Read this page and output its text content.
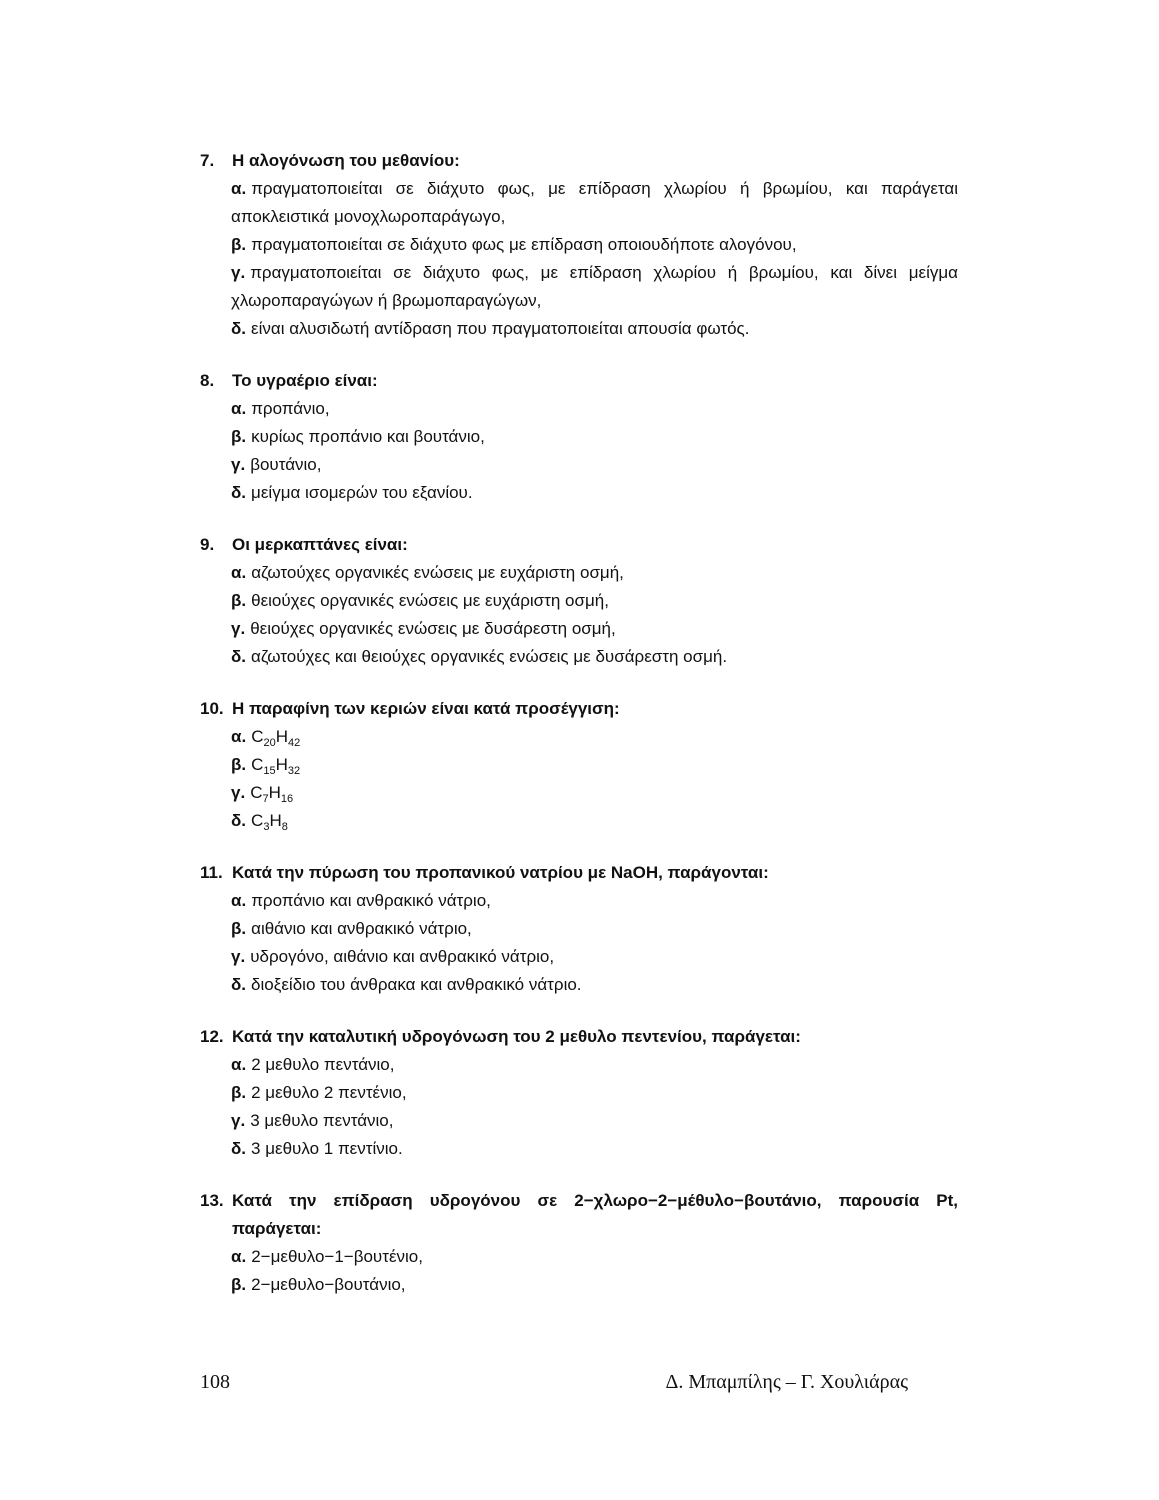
7.	Η αλογόνωση του μεθανίου:

α. πραγματοποιείται σε διάχυτο φως, με επίδραση χλωρίου ή βρωμίου, και παράγεται αποκλειστικά μονοχλωροπαράγωγο,

β. πραγματοποιείται σε διάχυτο φως με επίδραση οποιουδήποτε αλογόνου,

γ. πραγματοποιείται σε διάχυτο φως, με επίδραση χλωρίου ή βρωμίου, και δίνει μείγμα χλωροπαραγώγων ή βρωμοπαραγώγων,

δ. είναι αλυσιδωτή αντίδραση που πραγματοποιείται απουσία φωτός.

8.	Το υγραέριο είναι:

α. προπάνιο,

β. κυρίως προπάνιο και βουτάνιο,

γ. βουτάνιο,

δ. μείγμα ισομερών του εξανίου.

9.	Οι μερκαπτάνες είναι:

α. αζωτούχες οργανικές ενώσεις με ευχάριστη οσμή,

β. θειούχες οργανικές ενώσεις με ευχάριστη οσμή,

γ. θειούχες οργανικές ενώσεις με δυσάρεστη οσμή,

δ. αζωτούχες και θειούχες οργανικές ενώσεις με δυσάρεστη οσμή.

10. Η παραφίνη των κεριών είναι κατά προσέγγιση:

α. $C_{20}H_{42}$

β. $C_{15}H_{32}$

γ. $C_7H_{16}$

δ. $C_3H_8$

11. Κατά την πύρωση του προπανικού νατρίου με NaOH, παράγονται:

α. προπάνιο και ανθρακικό νάτριο,

β. αιθάνιο και ανθρακικό νάτριο,

γ. υδρογόνο, αιθάνιο και ανθρακικό νάτριο,

δ. διοξείδιο του άνθρακα και ανθρακικό νάτριο.

12. Κατά την καταλυτική υδρογόνωση του 2 μεθυλο πεντενίου, παράγεται:

α. 2 μεθυλο πεντάνιο,

β. 2 μεθυλο 2 πεντένιο,

γ. 3 μεθυλο πεντάνιο,

δ. 3 μεθυλο 1 πεντίνιο.

13. Κατά την επίδραση υδρογόνου σε 2−χλωρο−2−μέθυλο−βουτάνιο, παρουσία Pt, παράγεται:

α. 2−μεθυλο−1−βουτένιο,

β. 2−μεθυλο−βουτάνιο,

108	Δ. Μπαμπίλης – Γ. Χουλιάρας
